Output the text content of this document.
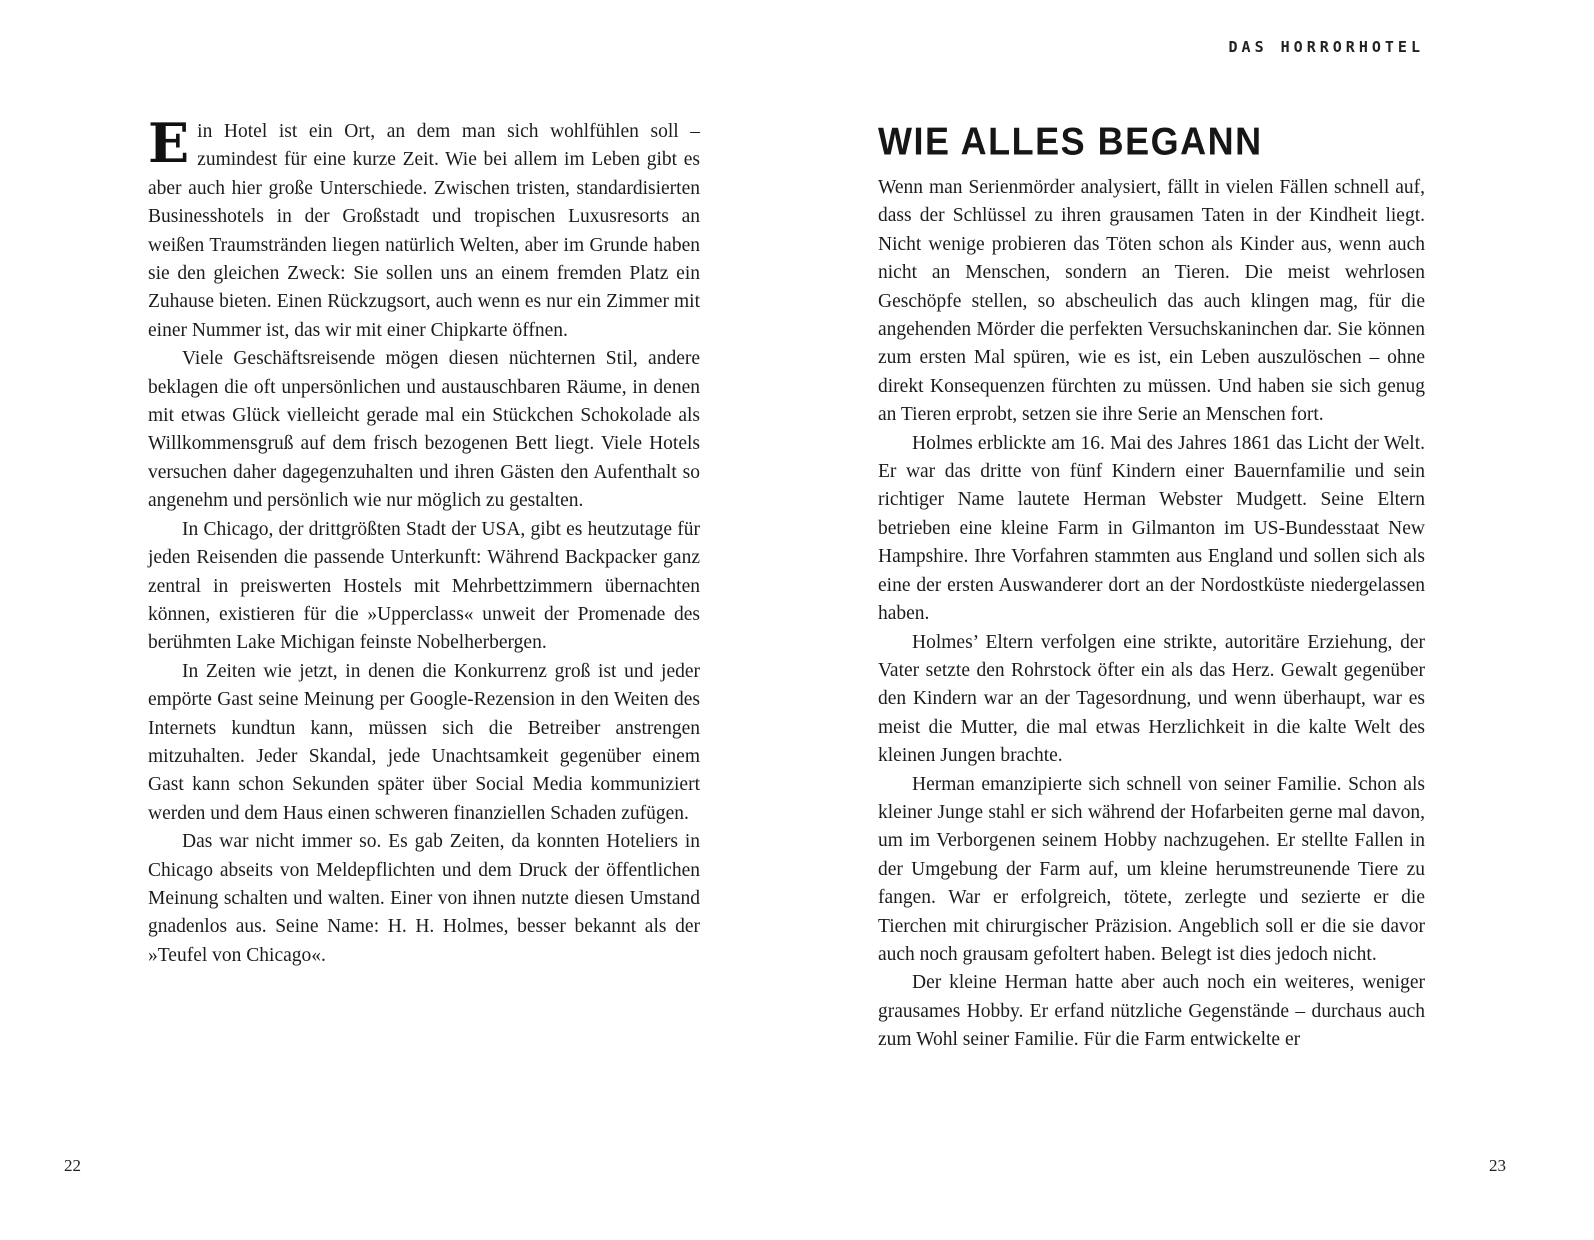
DAS HORRORHOTEL

Ein Hotel ist ein Ort, an dem man sich wohlfühlen soll – zumindest für eine kurze Zeit. Wie bei allem im Leben gibt es aber auch hier große Unterschiede. Zwischen tristen, standardisierten Businesshotels in der Großstadt und tropischen Luxusresorts an weißen Traumstränden liegen natürlich Welten, aber im Grunde haben sie den gleichen Zweck: Sie sollen uns an einem fremden Platz ein Zuhause bieten. Einen Rückzugsort, auch wenn es nur ein Zimmer mit einer Nummer ist, das wir mit einer Chipkarte öffnen.

Viele Geschäftsreisende mögen diesen nüchternen Stil, andere beklagen die oft unpersönlichen und austauschbaren Räume, in denen mit etwas Glück vielleicht gerade mal ein Stückchen Schokolade als Willkommensgruß auf dem frisch bezogenen Bett liegt. Viele Hotels versuchen daher dagegenzuhalten und ihren Gästen den Aufenthalt so angenehm und persönlich wie nur möglich zu gestalten.

In Chicago, der drittgrößten Stadt der USA, gibt es heutzutage für jeden Reisenden die passende Unterkunft: Während Backpacker ganz zentral in preiswerten Hostels mit Mehrbettzimmern übernachten können, existieren für die »Upperclass« unweit der Promenade des berühmten Lake Michigan feinste Nobelherbergen.

In Zeiten wie jetzt, in denen die Konkurrenz groß ist und jeder empörte Gast seine Meinung per Google-Rezension in den Weiten des Internets kundtun kann, müssen sich die Betreiber anstrengen mitzuhalten. Jeder Skandal, jede Unachtsamkeit gegenüber einem Gast kann schon Sekunden später über Social Media kommuniziert werden und dem Haus einen schweren finanziellen Schaden zufügen.

Das war nicht immer so. Es gab Zeiten, da konnten Hoteliers in Chicago abseits von Meldepflichten und dem Druck der öffentlichen Meinung schalten und walten. Einer von ihnen nutzte diesen Umstand gnadenlos aus. Seine Name: H. H. Holmes, besser bekannt als der »Teufel von Chicago«.

WIE ALLES BEGANN

Wenn man Serienmörder analysiert, fällt in vielen Fällen schnell auf, dass der Schlüssel zu ihren grausamen Taten in der Kindheit liegt. Nicht wenige probieren das Töten schon als Kinder aus, wenn auch nicht an Menschen, sondern an Tieren. Die meist wehrlosen Geschöpfe stellen, so abscheulich das auch klingen mag, für die angehenden Mörder die perfekten Versuchskaninchen dar. Sie können zum ersten Mal spüren, wie es ist, ein Leben auszulöschen – ohne direkt Konsequenzen fürchten zu müssen. Und haben sie sich genug an Tieren erprobt, setzen sie ihre Serie an Menschen fort.

Holmes erblickte am 16. Mai des Jahres 1861 das Licht der Welt. Er war das dritte von fünf Kindern einer Bauernfamilie und sein richtiger Name lautete Herman Webster Mudgett. Seine Eltern betrieben eine kleine Farm in Gilmanton im US-Bundesstaat New Hampshire. Ihre Vorfahren stammten aus England und sollen sich als eine der ersten Auswanderer dort an der Nordostküste niedergelassen haben.

Holmes’ Eltern verfolgen eine strikte, autoritäre Erziehung, der Vater setzte den Rohrstock öfter ein als das Herz. Gewalt gegenüber den Kindern war an der Tagesordnung, und wenn überhaupt, war es meist die Mutter, die mal etwas Herzlichkeit in die kalte Welt des kleinen Jungen brachte.

Herman emanzipierte sich schnell von seiner Familie. Schon als kleiner Junge stahl er sich während der Hofarbeiten gerne mal davon, um im Verborgenen seinem Hobby nachzugehen. Er stellte Fallen in der Umgebung der Farm auf, um kleine herumstreunende Tiere zu fangen. War er erfolgreich, tötete, zerlegte und sezierte er die Tierchen mit chirurgischer Präzision. Angeblich soll er die sie davor auch noch grausam gefoltert haben. Belegt ist dies jedoch nicht.

Der kleine Herman hatte aber auch noch ein weiteres, weniger grausames Hobby. Er erfand nützliche Gegenstände – durchaus auch zum Wohl seiner Familie. Für die Farm entwickelte er

22	23
